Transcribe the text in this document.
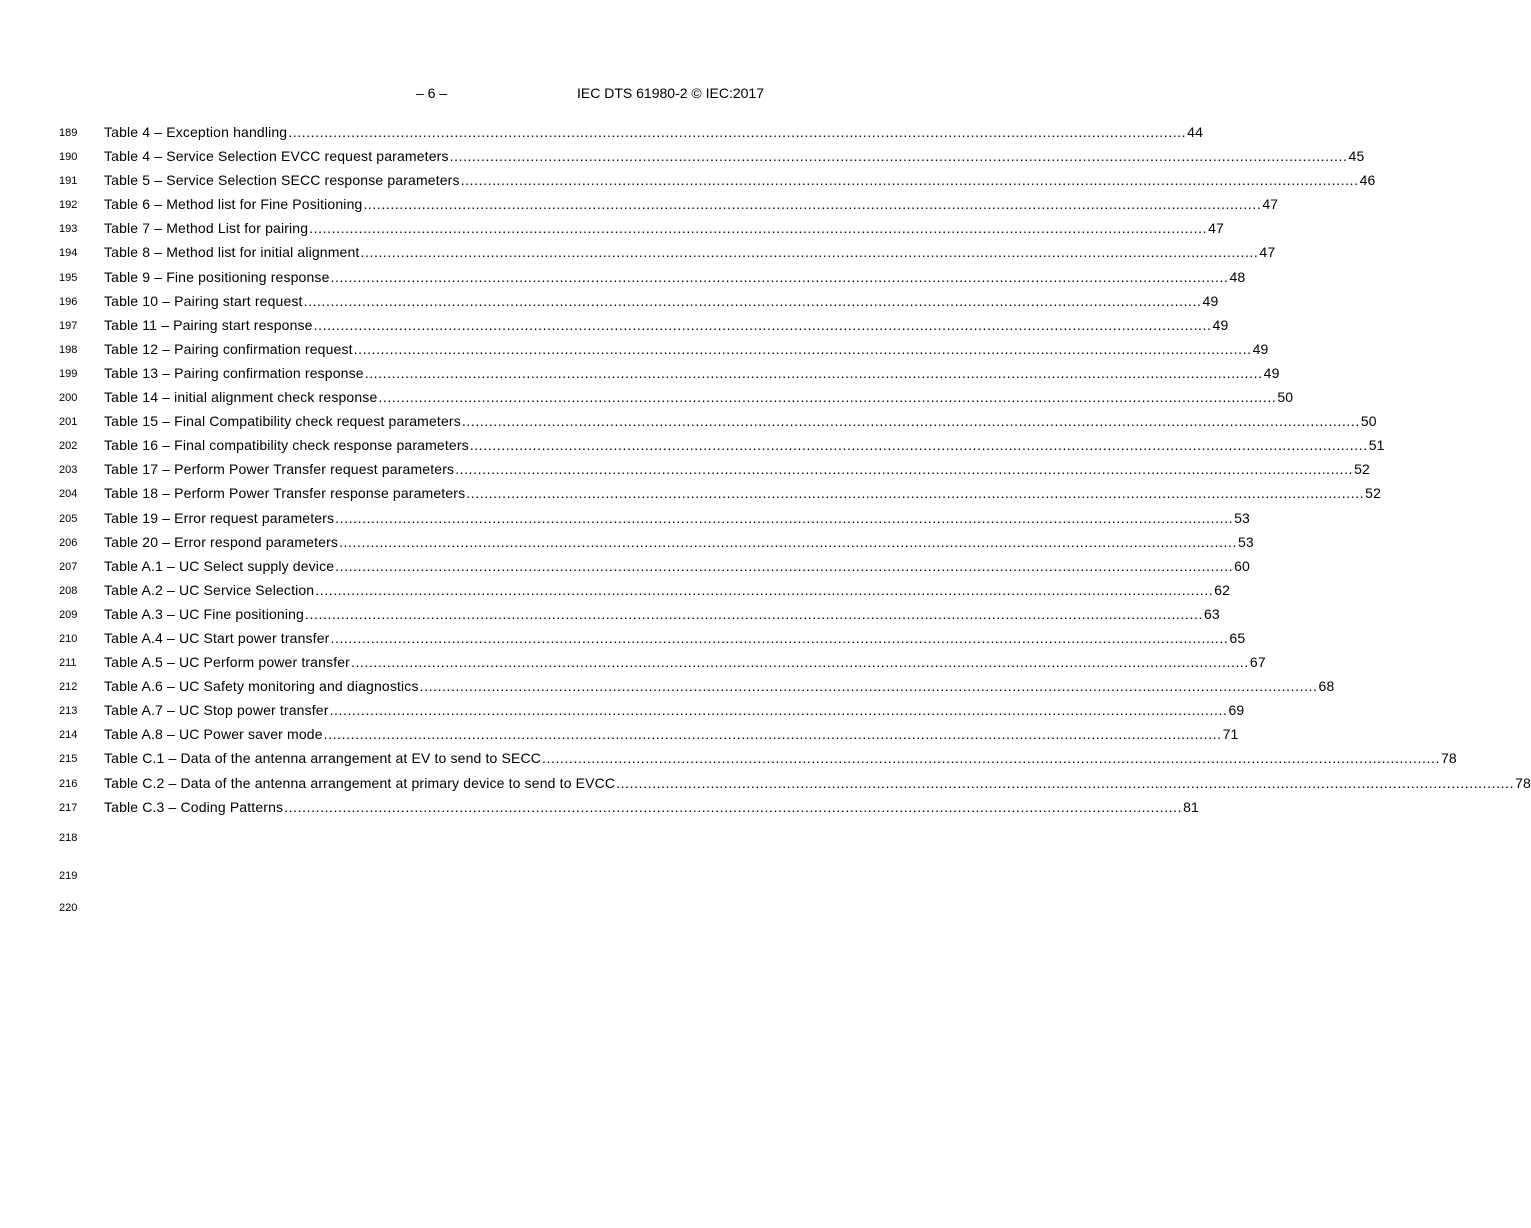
– 6 –	IEC DTS 61980-2 © IEC:2017
189 Table 4 – Exception handling ........................................................................................................................................................................................................ 44
190 Table 4 – Service Selection EVCC request parameters ........................................................................................................................................................................................................ 45
191 Table 5 – Service Selection SECC response parameters ........................................................................................................................................................................................................ 46
192 Table 6 – Method list for Fine Positioning ........................................................................................................................................................................................................ 47
193 Table 7 – Method List for pairing ........................................................................................................................................................................................................ 47
194 Table 8 – Method list for initial alignment ........................................................................................................................................................................................................ 47
195 Table 9 – Fine positioning response ........................................................................................................................................................................................................ 48
196 Table 10 – Pairing start request ........................................................................................................................................................................................................ 49
197 Table 11 – Pairing start response ........................................................................................................................................................................................................ 49
198 Table 12 – Pairing confirmation request ........................................................................................................................................................................................................ 49
199 Table 13 – Pairing confirmation response ........................................................................................................................................................................................................ 49
200 Table 14 – initial alignment check response ........................................................................................................................................................................................................ 50
201 Table 15 – Final Compatibility check request parameters ........................................................................................................................................................................................................ 50
202 Table 16 – Final compatibility check response parameters ........................................................................................................................................................................................................ 51
203 Table 17 – Perform Power Transfer request parameters ........................................................................................................................................................................................................ 52
204 Table 18 – Perform Power Transfer response parameters ........................................................................................................................................................................................................ 52
205 Table 19 – Error request parameters ........................................................................................................................................................................................................ 53
206 Table 20 – Error respond parameters ........................................................................................................................................................................................................ 53
207 Table A.1 – UC Select supply device ........................................................................................................................................................................................................ 60
208 Table A.2 – UC Service Selection ........................................................................................................................................................................................................ 62
209 Table A.3 – UC Fine positioning ........................................................................................................................................................................................................ 63
210 Table A.4 – UC Start power transfer ........................................................................................................................................................................................................ 65
211 Table A.5 – UC Perform power transfer ........................................................................................................................................................................................................ 67
212 Table A.6 – UC Safety monitoring and diagnostics ........................................................................................................................................................................................................ 68
213 Table A.7 – UC Stop power transfer ........................................................................................................................................................................................................ 69
214 Table A.8 – UC Power saver mode ........................................................................................................................................................................................................ 71
215 Table C.1 – Data of the antenna arrangement at EV to send to SECC ........................................................................................................................................................................................................ 78
216 Table C.2 – Data of the antenna arrangement at primary device to send to EVCC ........................................................................................................................................................................................................ 78
217 Table C.3 – Coding Patterns ........................................................................................................................................................................................................ 81
218
219
220
